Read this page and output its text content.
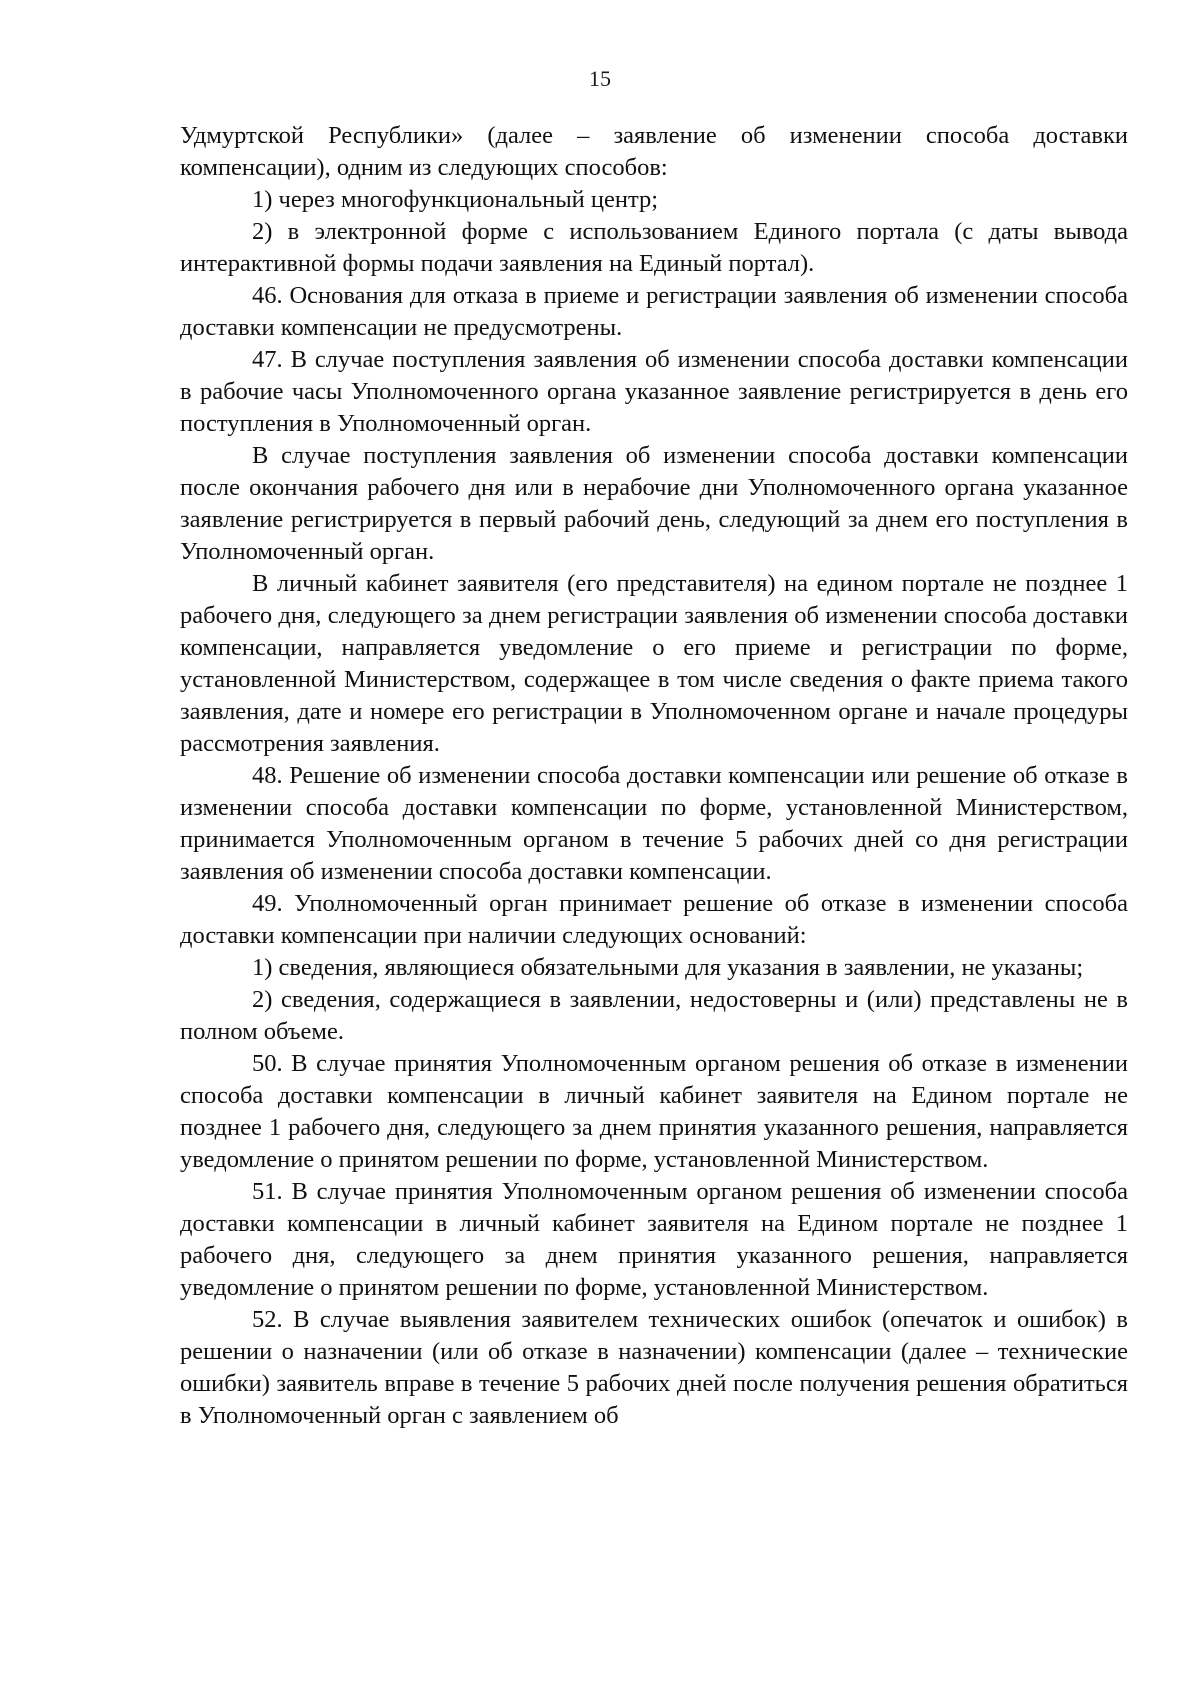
15

Удмуртской Республики» (далее – заявление об изменении способа доставки компенсации), одним из следующих способов:

1) через многофункциональный центр;

2) в электронной форме с использованием Единого портала (с даты вывода интерактивной формы подачи заявления на Единый портал).

46. Основания для отказа в приеме и регистрации заявления об изменении способа доставки компенсации не предусмотрены.

47. В случае поступления заявления об изменении способа доставки компенсации в рабочие часы Уполномоченного органа указанное заявление регистрируется в день его поступления в Уполномоченный орган.

В случае поступления заявления об изменении способа доставки компенсации после окончания рабочего дня или в нерабочие дни Уполномоченного органа указанное заявление регистрируется в первый рабочий день, следующий за днем его поступления в Уполномоченный орган.

В личный кабинет заявителя (его представителя) на едином портале не позднее 1 рабочего дня, следующего за днем регистрации заявления об изменении способа доставки компенсации, направляется уведомление о его приеме и регистрации по форме, установленной Министерством, содержащее в том числе сведения о факте приема такого заявления, дате и номере его регистрации в Уполномоченном органе и начале процедуры рассмотрения заявления.

48. Решение об изменении способа доставки компенсации или решение об отказе в изменении способа доставки компенсации по форме, установленной Министерством, принимается Уполномоченным органом в течение 5 рабочих дней со дня регистрации заявления об изменении способа доставки компенсации.

49. Уполномоченный орган принимает решение об отказе в изменении способа доставки компенсации при наличии следующих оснований:

1) сведения, являющиеся обязательными для указания в заявлении, не указаны;

2) сведения, содержащиеся в заявлении, недостоверны и (или) представлены не в полном объеме.

50. В случае принятия Уполномоченным органом решения об отказе в изменении способа доставки компенсации в личный кабинет заявителя на Едином портале не позднее 1 рабочего дня, следующего за днем принятия указанного решения, направляется уведомление о принятом решении по форме, установленной Министерством.

51. В случае принятия Уполномоченным органом решения об изменении способа доставки компенсации в личный кабинет заявителя на Едином портале не позднее 1 рабочего дня, следующего за днем принятия указанного решения, направляется уведомление о принятом решении по форме, установленной Министерством.

52. В случае выявления заявителем технических ошибок (опечаток и ошибок) в решении о назначении (или об отказе в назначении) компенсации (далее – технические ошибки) заявитель вправе в течение 5 рабочих дней после получения решения обратиться в Уполномоченный орган с заявлением об
